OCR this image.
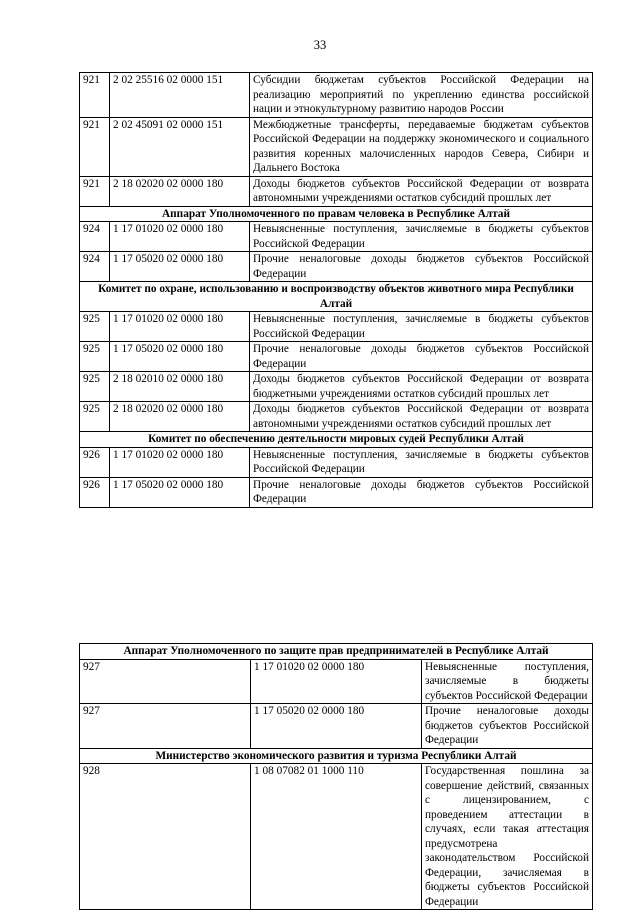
33
921	2 02 25516 02 0000 151	Субсидии бюджетам субъектов Российской Федерации на реализацию мероприятий по укреплению единства российской нации и этнокультурному развитию народов России
921	2 02 45091 02 0000 151	Межбюджетные трансферты, передаваемые бюджетам субъектов Российской Федерации на поддержку экономического и социального развития коренных малочисленных народов Севера, Сибири и Дальнего Востока
921	2 18 02020 02 0000 180	Доходы бюджетов субъектов Российской Федерации от возврата автономными учреждениями остатков субсидий прошлых лет
Аппарат Уполномоченного по правам человека в Республике Алтай		
924	1 17 01020 02 0000 180	Невыясненные поступления, зачисляемые в бюджеты субъектов Российской Федерации
924	1 17 05020 02 0000 180	Прочие неналоговые доходы бюджетов субъектов Российской Федерации
Комитет по охране, использованию и воспроизводству объектов животного мира Республики Алтай		
925	1 17 01020 02 0000 180	Невыясненные поступления, зачисляемые в бюджеты субъектов Российской Федерации
925	1 17 05020 02 0000 180	Прочие неналоговые доходы бюджетов субъектов Российской Федерации
925	2 18 02010 02 0000 180	Доходы бюджетов субъектов Российской Федерации от возврата бюджетными учреждениями остатков субсидий прошлых лет
925	2 18 02020 02 0000 180	Доходы бюджетов субъектов Российской Федерации от возврата автономными учреждениями остатков субсидий прошлых лет
Комитет по обеспечению деятельности мировых судей Республики Алтай		
926	1 17 01020 02 0000 180	Невыясненные поступления, зачисляемые в бюджеты субъектов Российской Федерации
926	1 17 05020 02 0000 180	Прочие неналоговые доходы бюджетов субъектов Российской Федерации
Аппарат Уполномоченного по защите прав предпринимателей в Республике Алтай		
927	1 17 01020 02 0000 180	Невыясненные поступления, зачисляемые в бюджеты субъектов Российской Федерации
927	1 17 05020 02 0000 180	Прочие неналоговые доходы бюджетов субъектов Российской Федерации
Министерство экономического развития и туризма Республики Алтай		
928	1 08 07082 01 1000 110	Государственная пошлина за совершение действий, связанных с лицензированием, с проведением аттестации в случаях, если такая аттестация предусмотрена законодательством Российской Федерации, зачисляемая в бюджеты субъектов Российской Федерации
